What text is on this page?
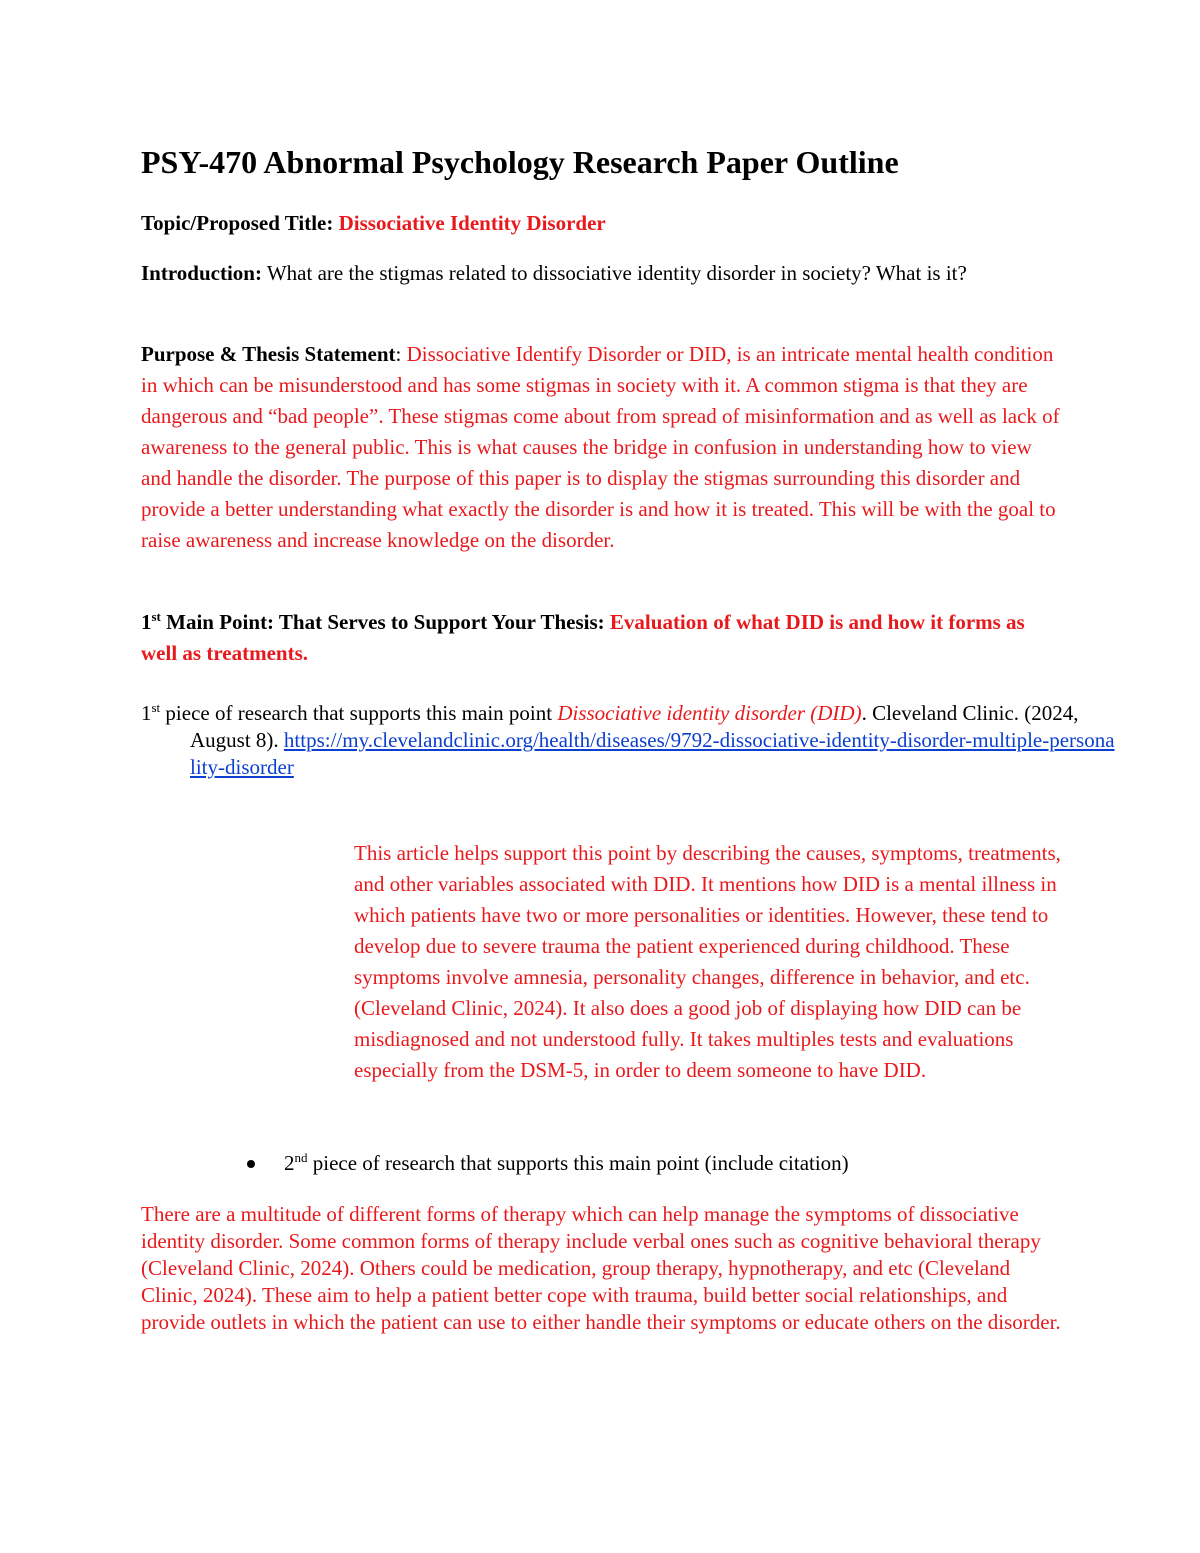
PSY-470 Abnormal Psychology Research Paper Outline
Topic/Proposed Title: Dissociative Identity Disorder
Introduction: What are the stigmas related to dissociative identity disorder in society? What is it?
Purpose & Thesis Statement: Dissociative Identify Disorder or DID, is an intricate mental health condition in which can be misunderstood and has some stigmas in society with it. A common stigma is that they are dangerous and “bad people”. These stigmas come about from spread of misinformation and as well as lack of awareness to the general public. This is what causes the bridge in confusion in understanding how to view and handle the disorder. The purpose of this paper is to display the stigmas surrounding this disorder and provide a better understanding what exactly the disorder is and how it is treated. This will be with the goal to raise awareness and increase knowledge on the disorder.
1st Main Point: That Serves to Support Your Thesis: Evaluation of what DID is and how it forms as well as treatments.
1st piece of research that supports this main point Dissociative identity disorder (DID). Cleveland Clinic. (2024, August 8). https://my.clevelandclinic.org/health/diseases/9792-dissociative-identity-disorder-multiple-personality-disorder
This article helps support this point by describing the causes, symptoms, treatments, and other variables associated with DID. It mentions how DID is a mental illness in which patients have two or more personalities or identities. However, these tend to develop due to severe trauma the patient experienced during childhood. These symptoms involve amnesia, personality changes, difference in behavior, and etc. (Cleveland Clinic, 2024). It also does a good job of displaying how DID can be misdiagnosed and not understood fully. It takes multiples tests and evaluations especially from the DSM-5, in order to deem someone to have DID.
2nd piece of research that supports this main point (include citation)
There are a multitude of different forms of therapy which can help manage the symptoms of dissociative identity disorder. Some common forms of therapy include verbal ones such as cognitive behavioral therapy (Cleveland Clinic, 2024). Others could be medication, group therapy, hypnotherapy, and etc (Cleveland Clinic, 2024). These aim to help a patient better cope with trauma, build better social relationships, and provide outlets in which the patient can use to either handle their symptoms or educate others on the disorder.
